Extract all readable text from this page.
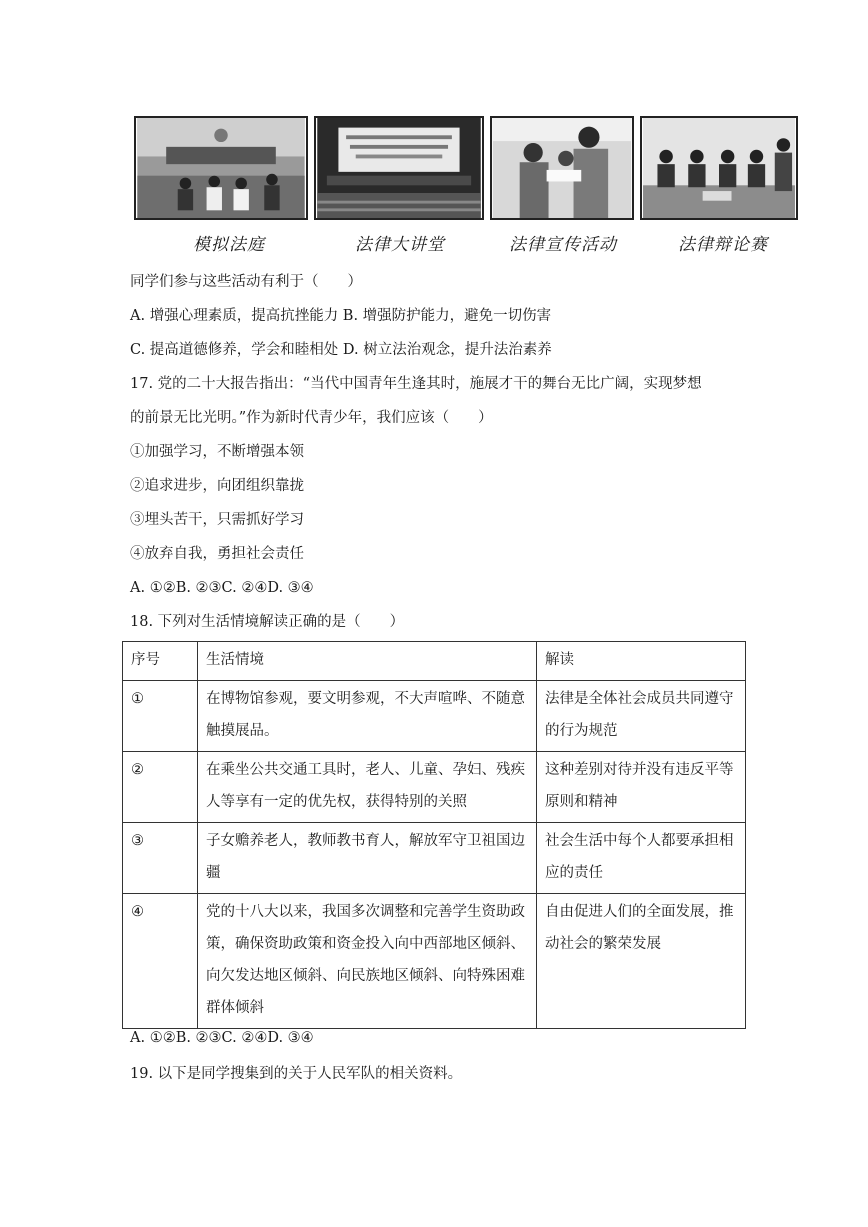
模拟法庭	法律大讲堂	法律宣传活动	法律辩论赛
同学们参与这些活动有利于（　　）
A. 增强心理素质，提高抗挫能力 B. 增强防护能力，避免一切伤害
C. 提高道德修养，学会和睦相处 D. 树立法治观念，提升法治素养
17. 党的二十大报告指出：“当代中国青年生逢其时，施展才干的舞台无比广阔，实现梦想
的前景无比光明。”作为新时代青少年，我们应该（　　）
①加强学习，不断增强本领
②追求进步，向团组织靠拢
③埋头苦干，只需抓好学习
④放弃自我，勇担社会责任
A. ①②B. ②③C. ②④D. ③④
18. 下列对生活情境解读正确的是（　　）
序号	生活情境	解读
①	在博物馆参观，要文明参观，不大声喧哗、不随意触摸展品。	法律是全体社会成员共同遵守的行为规范
②	在乘坐公共交通工具时，老人、儿童、孕妇、残疾人等享有一定的优先权，获得特别的关照	这种差别对待并没有违反平等原则和精神
③	子女赡养老人，教师教书育人，解放军守卫祖国边疆	社会生活中每个人都要承担相应的责任
④	党的十八大以来，我国多次调整和完善学生资助政策，确保资助政策和资金投入向中西部地区倾斜、向欠发达地区倾斜、向民族地区倾斜、向特殊困难群体倾斜	自由促进人们的全面发展，推动社会的繁荣发展
A. ①②B. ②③C. ②④D. ③④
19. 以下是同学搜集到的关于人民军队的相关资料。
